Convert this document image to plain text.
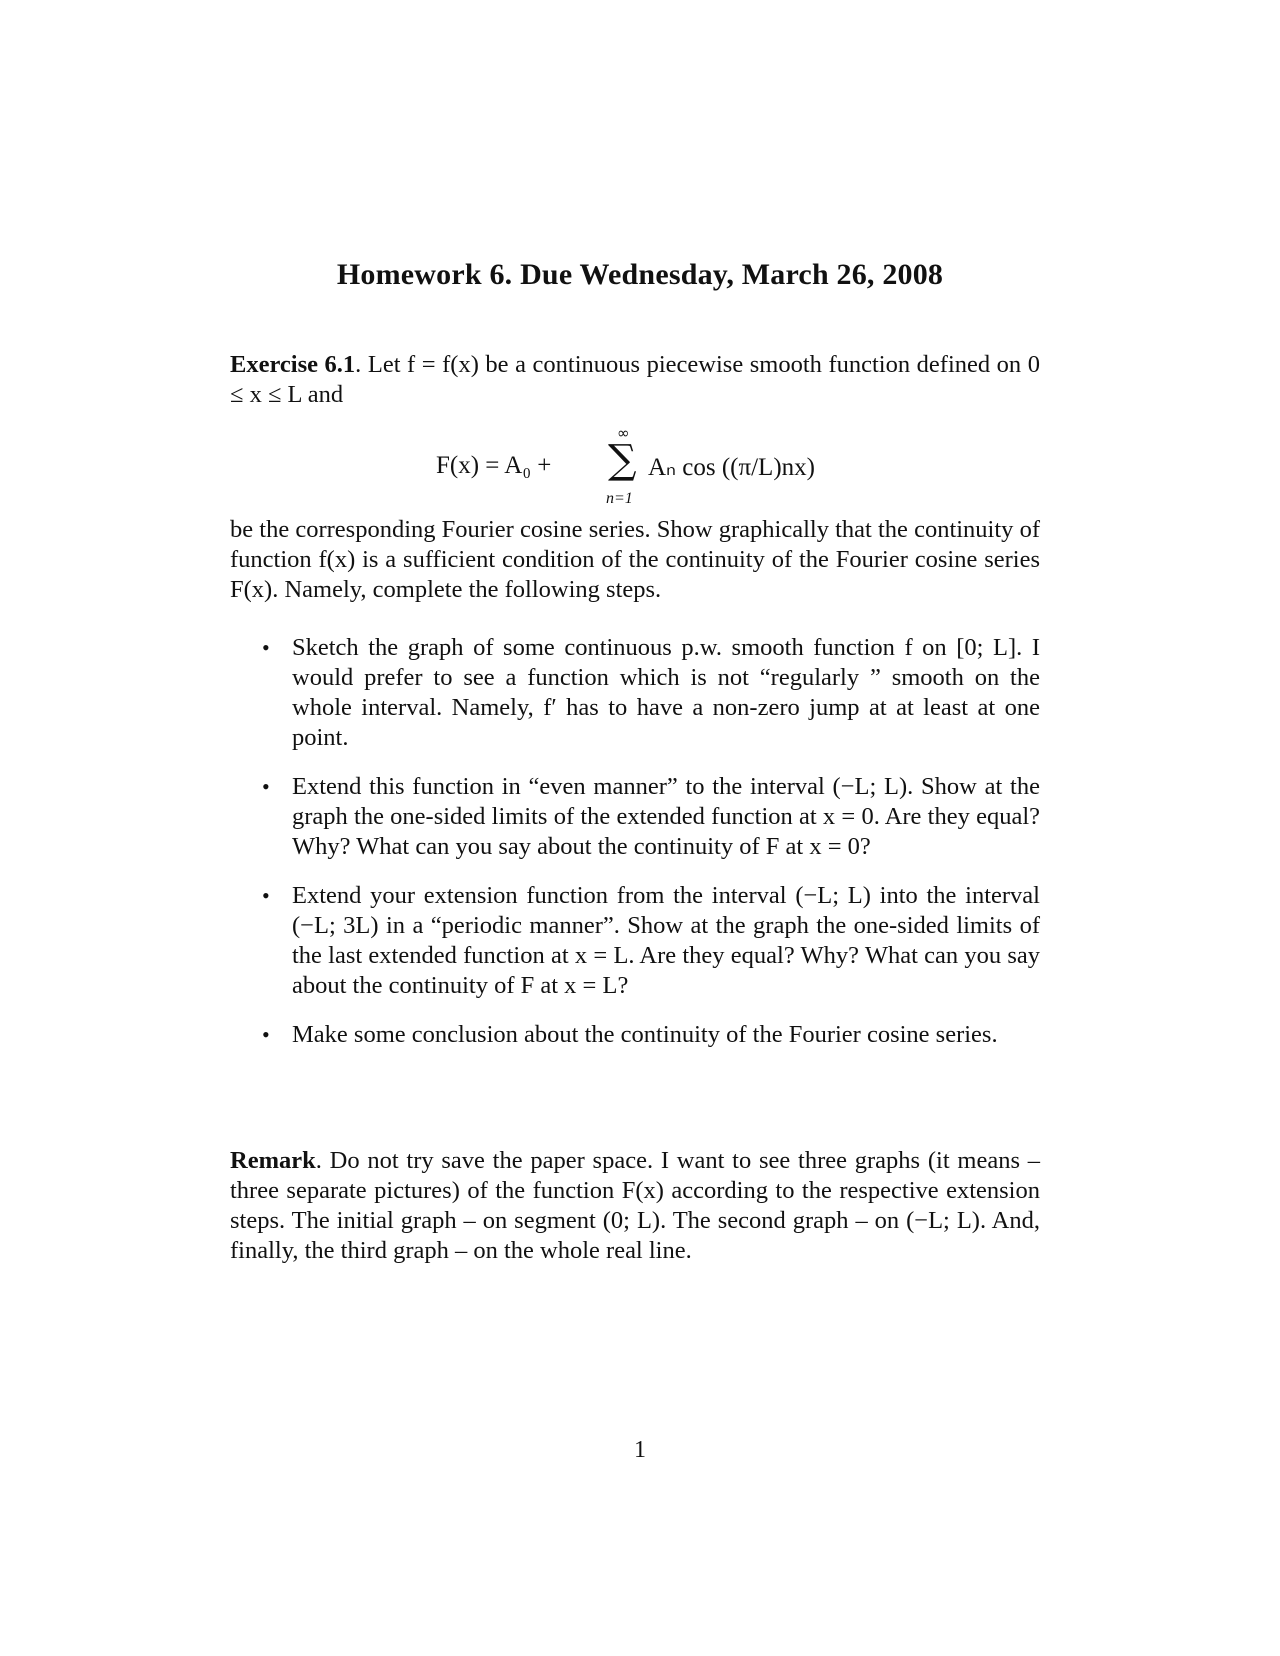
Homework 6. Due Wednesday, March 26, 2008
Exercise 6.1. Let f = f(x) be a continuous piecewise smooth function defined on 0 ≤ x ≤ L and
F(x) = A₀ +
∞
∑
n=1
Aₙ cos ((π/L)nx)
be the corresponding Fourier cosine series. Show graphically that the continuity of function f(x) is a sufficient condition of the continuity of the Fourier cosine series F(x). Namely, complete the following steps.
• Sketch the graph of some continuous p.w. smooth function f on [0; L]. I would prefer to see a function which is not “regularly ” smooth on the whole interval. Namely, f′ has to have a non-zero jump at at least at one point.
• Extend this function in “even manner” to the interval (−L; L). Show at the graph the one-sided limits of the extended function at x = 0. Are they equal? Why? What can you say about the continuity of F at x = 0?
• Extend your extension function from the interval (−L; L) into the interval (−L; 3L) in a “periodic manner”. Show at the graph the one-sided limits of the last extended function at x = L. Are they equal? Why? What can you say about the continuity of F at x = L?
• Make some conclusion about the continuity of the Fourier cosine series.
Remark. Do not try save the paper space. I want to see three graphs (it means – three separate pictures) of the function F(x) according to the respective extension steps. The initial graph – on segment (0; L). The second graph – on (−L; L). And, finally, the third graph – on the whole real line.
1
